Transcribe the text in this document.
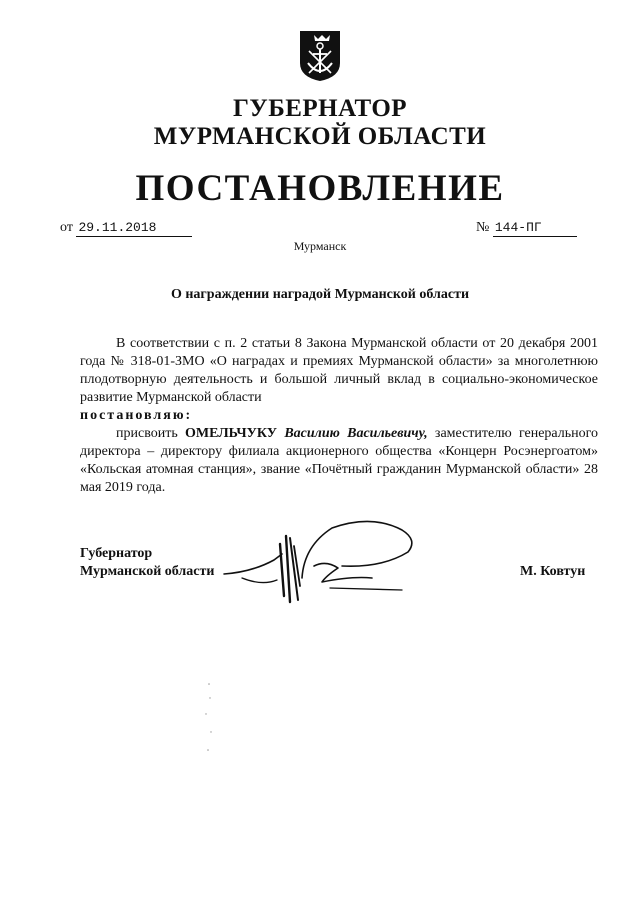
ГУБЕРНАТОР
МУРМАНСКОЙ ОБЛАСТИ
ПОСТАНОВЛЕНИЕ
от 29.11.2018	№ 144-ПГ
Мурманск
О награждении наградой Мурманской области

В соответствии с п. 2 статьи 8 Закона Мурманской области от 20 декабря 2001 года № 318-01-ЗМО «О наградах и премиях Мурманской области» за многолетнюю плодотворную деятельность и большой личный вклад в социально-экономическое развитие Мурманской области

постановляю:

присвоить ОМЕЛЬЧУКУ Василию Васильевичу, заместителю генерального директора – директору филиала акционерного общества «Концерн Росэнергоатом» «Кольская атомная станция», звание «Почётный гражданин Мурманской области» 28 мая 2019 года.

Губернатор
Мурманской области	М. Ковтун
